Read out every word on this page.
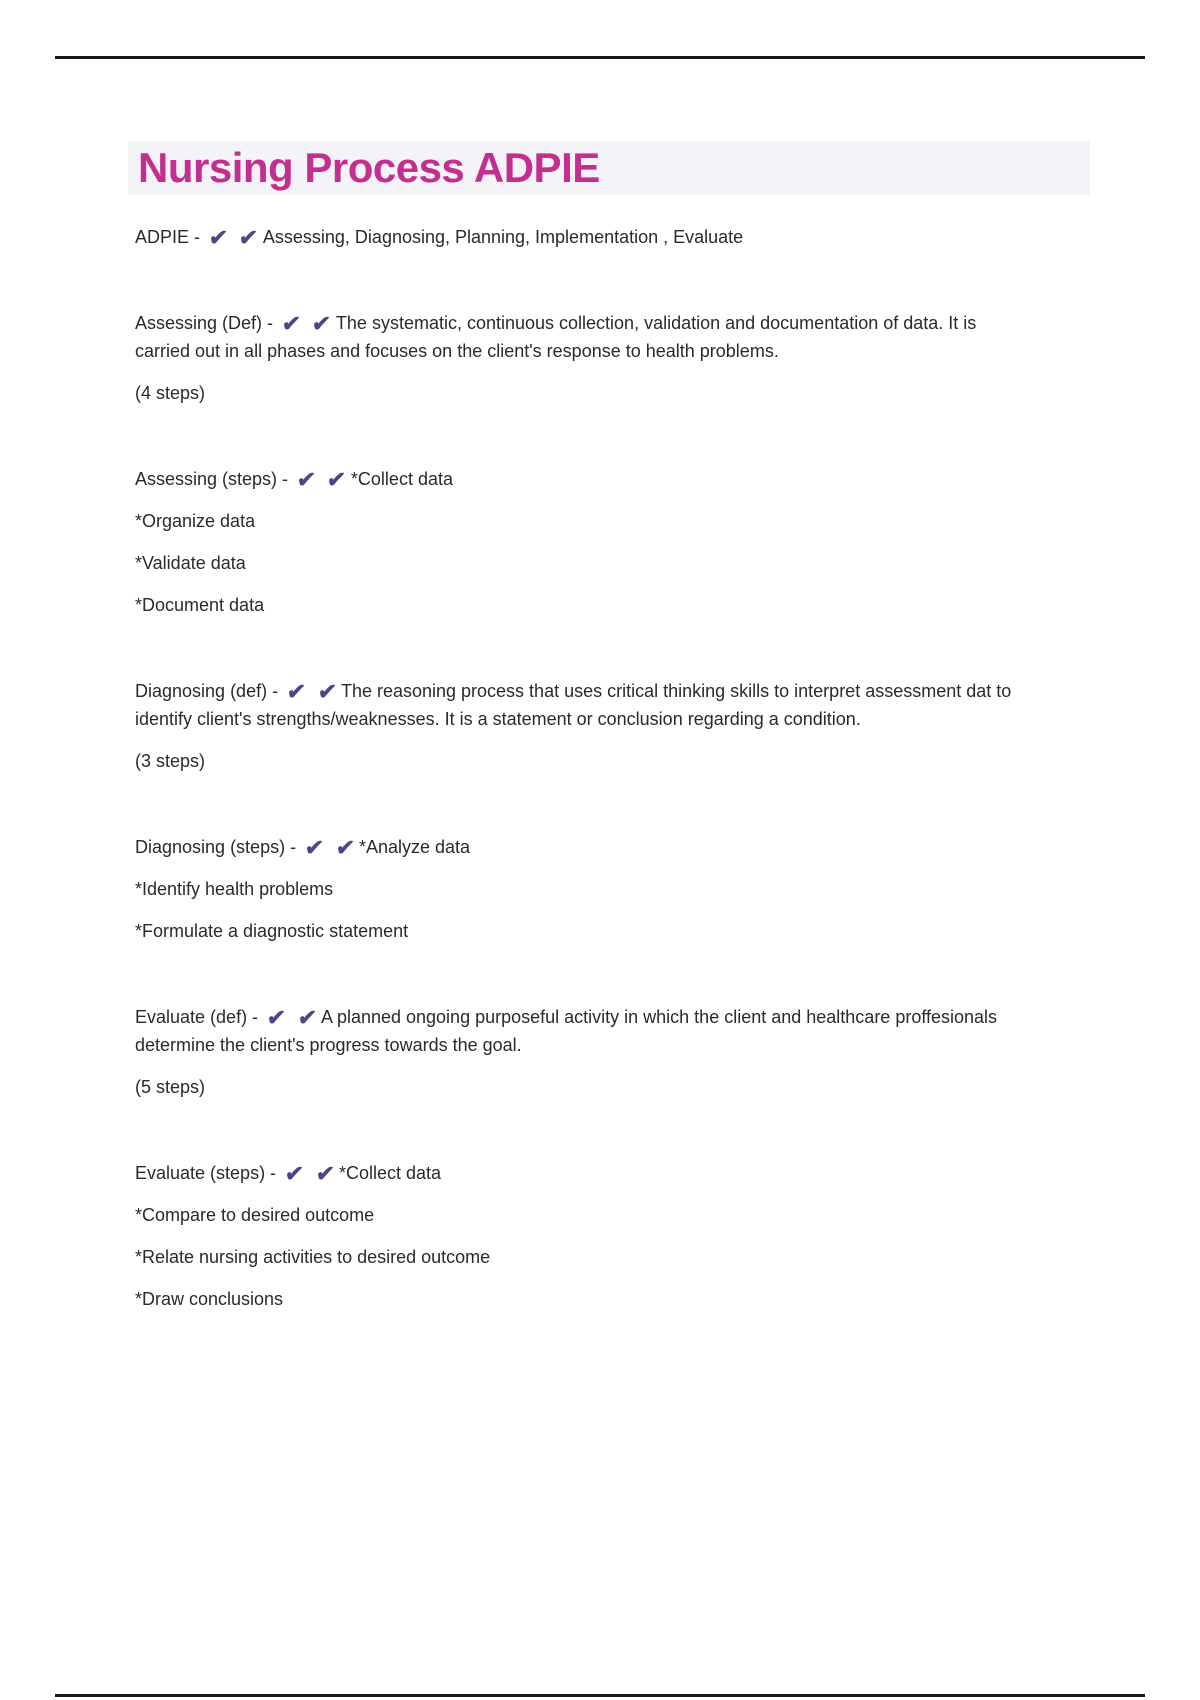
Nursing Process ADPIE

ADPIE - ✔ ✔ Assessing, Diagnosing, Planning, Implementation , Evaluate

Assessing (Def) - ✔ ✔ The systematic, continuous collection, validation and documentation of data. It is carried out in all phases and focuses on the client's response to health problems.

(4 steps)

Assessing (steps) - ✔ ✔ *Collect data

*Organize data

*Validate data

*Document data

Diagnosing (def) - ✔ ✔ The reasoning process that uses critical thinking skills to interpret assessment dat to identify client's strengths/weaknesses. It is a statement or conclusion regarding a condition.

(3 steps)

Diagnosing (steps) - ✔ ✔ *Analyze data

*Identify health problems

*Formulate a diagnostic statement

Evaluate (def) - ✔ ✔ A planned ongoing purposeful activity in which the client and healthcare proffesionals determine the client's progress towards the goal.

(5 steps)

Evaluate (steps) - ✔ ✔ *Collect data

*Compare to desired outcome

*Relate nursing activities to desired outcome

*Draw conclusions
